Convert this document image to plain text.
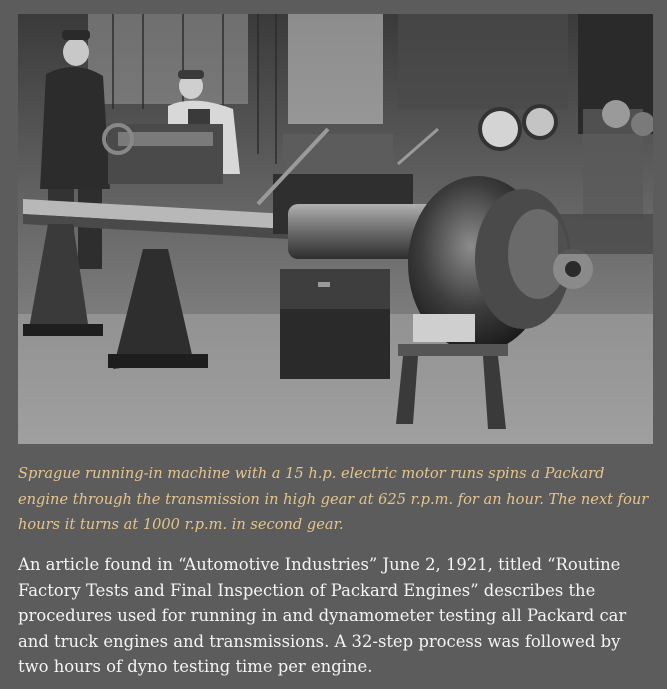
Sprague running-in machine with a 15 h.p. electric motor runs spins a Packard engine through the transmission in high gear at 625 r.p.m. for an hour. The next four hours it turns at 1000 r.p.m. in second gear.

An article found in “Automotive Industries” June 2, 1921, titled “Routine Factory Tests and Final Inspection of Packard Engines” describes the procedures used for running in and dynamometer testing all Packard car and truck engines and transmissions. A 32-step process was followed by two hours of dyno testing time per engine.
